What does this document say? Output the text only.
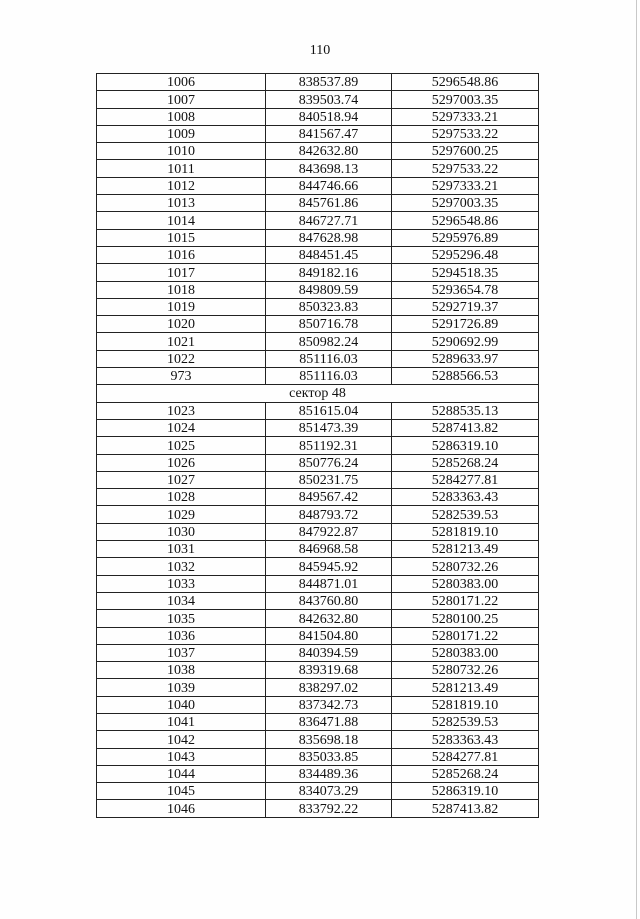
110
1006	838537.89	5296548.86
1007	839503.74	5297003.35
1008	840518.94	5297333.21
1009	841567.47	5297533.22
1010	842632.80	5297600.25
1011	843698.13	5297533.22
1012	844746.66	5297333.21
1013	845761.86	5297003.35
1014	846727.71	5296548.86
1015	847628.98	5295976.89
1016	848451.45	5295296.48
1017	849182.16	5294518.35
1018	849809.59	5293654.78
1019	850323.83	5292719.37
1020	850716.78	5291726.89
1021	850982.24	5290692.99
1022	851116.03	5289633.97
973	851116.03	5288566.53
сектор 48		
1023	851615.04	5288535.13
1024	851473.39	5287413.82
1025	851192.31	5286319.10
1026	850776.24	5285268.24
1027	850231.75	5284277.81
1028	849567.42	5283363.43
1029	848793.72	5282539.53
1030	847922.87	5281819.10
1031	846968.58	5281213.49
1032	845945.92	5280732.26
1033	844871.01	5280383.00
1034	843760.80	5280171.22
1035	842632.80	5280100.25
1036	841504.80	5280171.22
1037	840394.59	5280383.00
1038	839319.68	5280732.26
1039	838297.02	5281213.49
1040	837342.73	5281819.10
1041	836471.88	5282539.53
1042	835698.18	5283363.43
1043	835033.85	5284277.81
1044	834489.36	5285268.24
1045	834073.29	5286319.10
1046	833792.22	5287413.82
